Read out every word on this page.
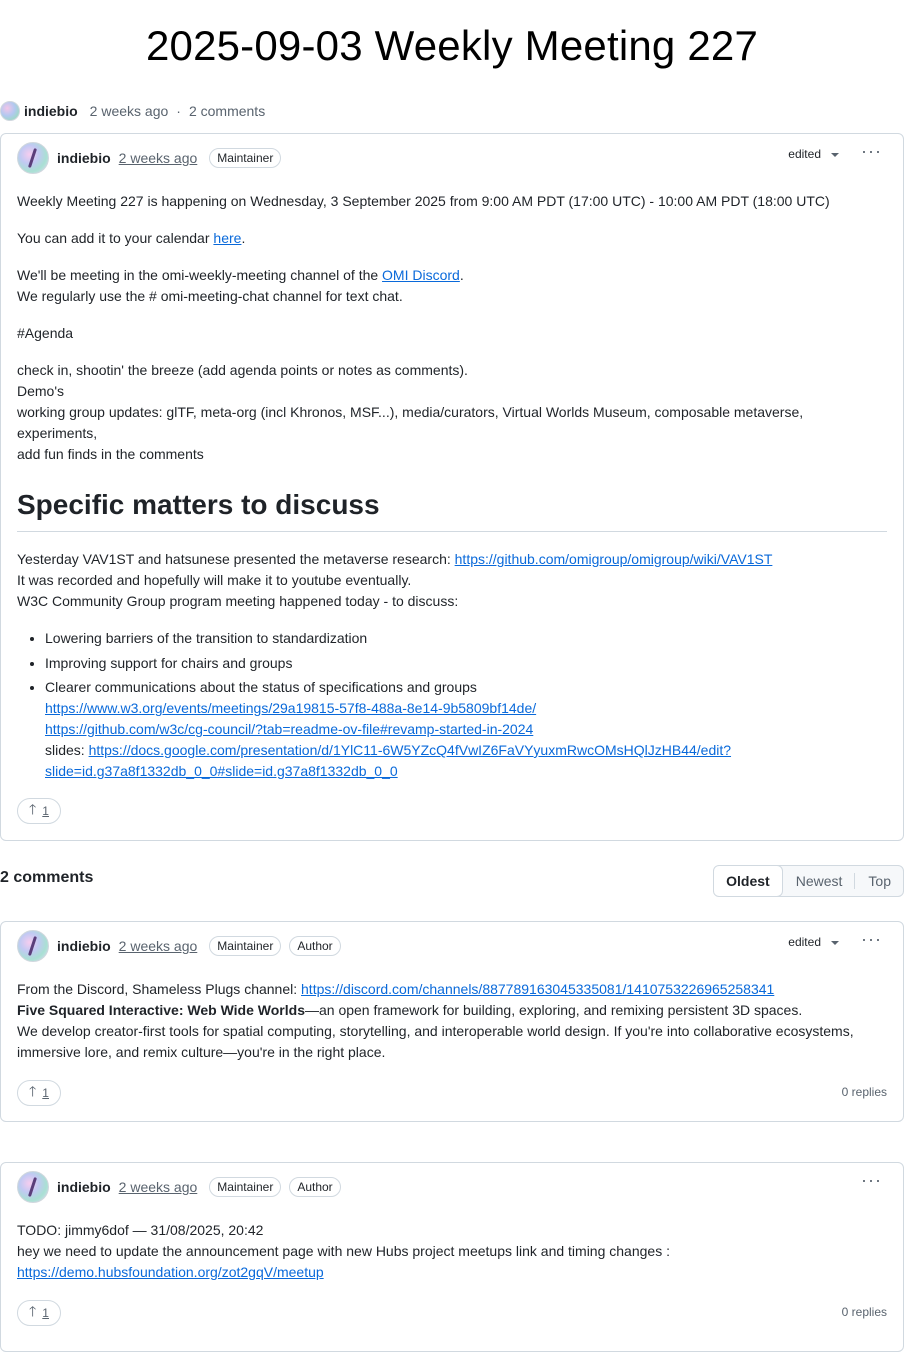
2025-09-03 Weekly Meeting 227
indiebio 2 weeks ago · 2 comments
indiebio 2 weeks ago	Maintainer	edited ···

Weekly Meeting 227 is happening on Wednesday, 3 September 2025 from 9:00 AM PDT (17:00 UTC) - 10:00 AM PDT (18:00 UTC)

You can add it to your calendar here.

We'll be meeting in the omi-weekly-meeting channel of the OMI Discord.
We regularly use the # omi-meeting-chat channel for text chat.

#Agenda

check in, shootin' the breeze (add agenda points or notes as comments).
Demo's
working group updates: glTF, meta-org (incl Khronos, MSF...), media/curators, Virtual Worlds Museum, composable metaverse, experiments,
add fun finds in the comments

Specific matters to discuss

Yesterday VAV1ST and hatsunese presented the metaverse research: https://github.com/omigroup/omigroup/wiki/VAV1ST
It was recorded and hopefully will make it to youtube eventually.
W3C Community Group program meeting happened today - to discuss:

• Lowering barriers of the transition to standardization
• Improving support for chairs and groups
• Clearer communications about the status of specifications and groups
https://www.w3.org/events/meetings/29a19815-57f8-488a-8e14-9b5809bf14de/
https://github.com/w3c/cg-council/?tab=readme-ov-file#revamp-started-in-2024
slides: https://docs.google.com/presentation/d/1YlC11-6W5YZcQ4fVwIZ6FaVYyuxmRwcOMsHQlJzHB44/edit?
slide=id.g37a8f1332db_0_0#slide=id.g37a8f1332db_0_0
🡑 1
2 comments	Oldest	Newest	Top
indiebio 2 weeks ago	Maintainer	Author	edited ···

From the Discord, Shameless Plugs channel: https://discord.com/channels/887789163045335081/1410753226965258341
Five Squared Interactive: Web Wide Worlds—an open framework for building, exploring, and remixing persistent 3D spaces.
We develop creator-first tools for spatial computing, storytelling, and interoperable world design. If you're into collaborative ecosystems, immersive lore, and remix culture—you're in the right place.

🡑 1	0 replies
indiebio 2 weeks ago	Maintainer	Author	···

TODO: jimmy6dof — 31/08/2025, 20:42
hey we need to update the announcement page with new Hubs project meetups link and timing changes :
https://demo.hubsfoundation.org/zot2gqV/meetup

🡑 1	0 replies
